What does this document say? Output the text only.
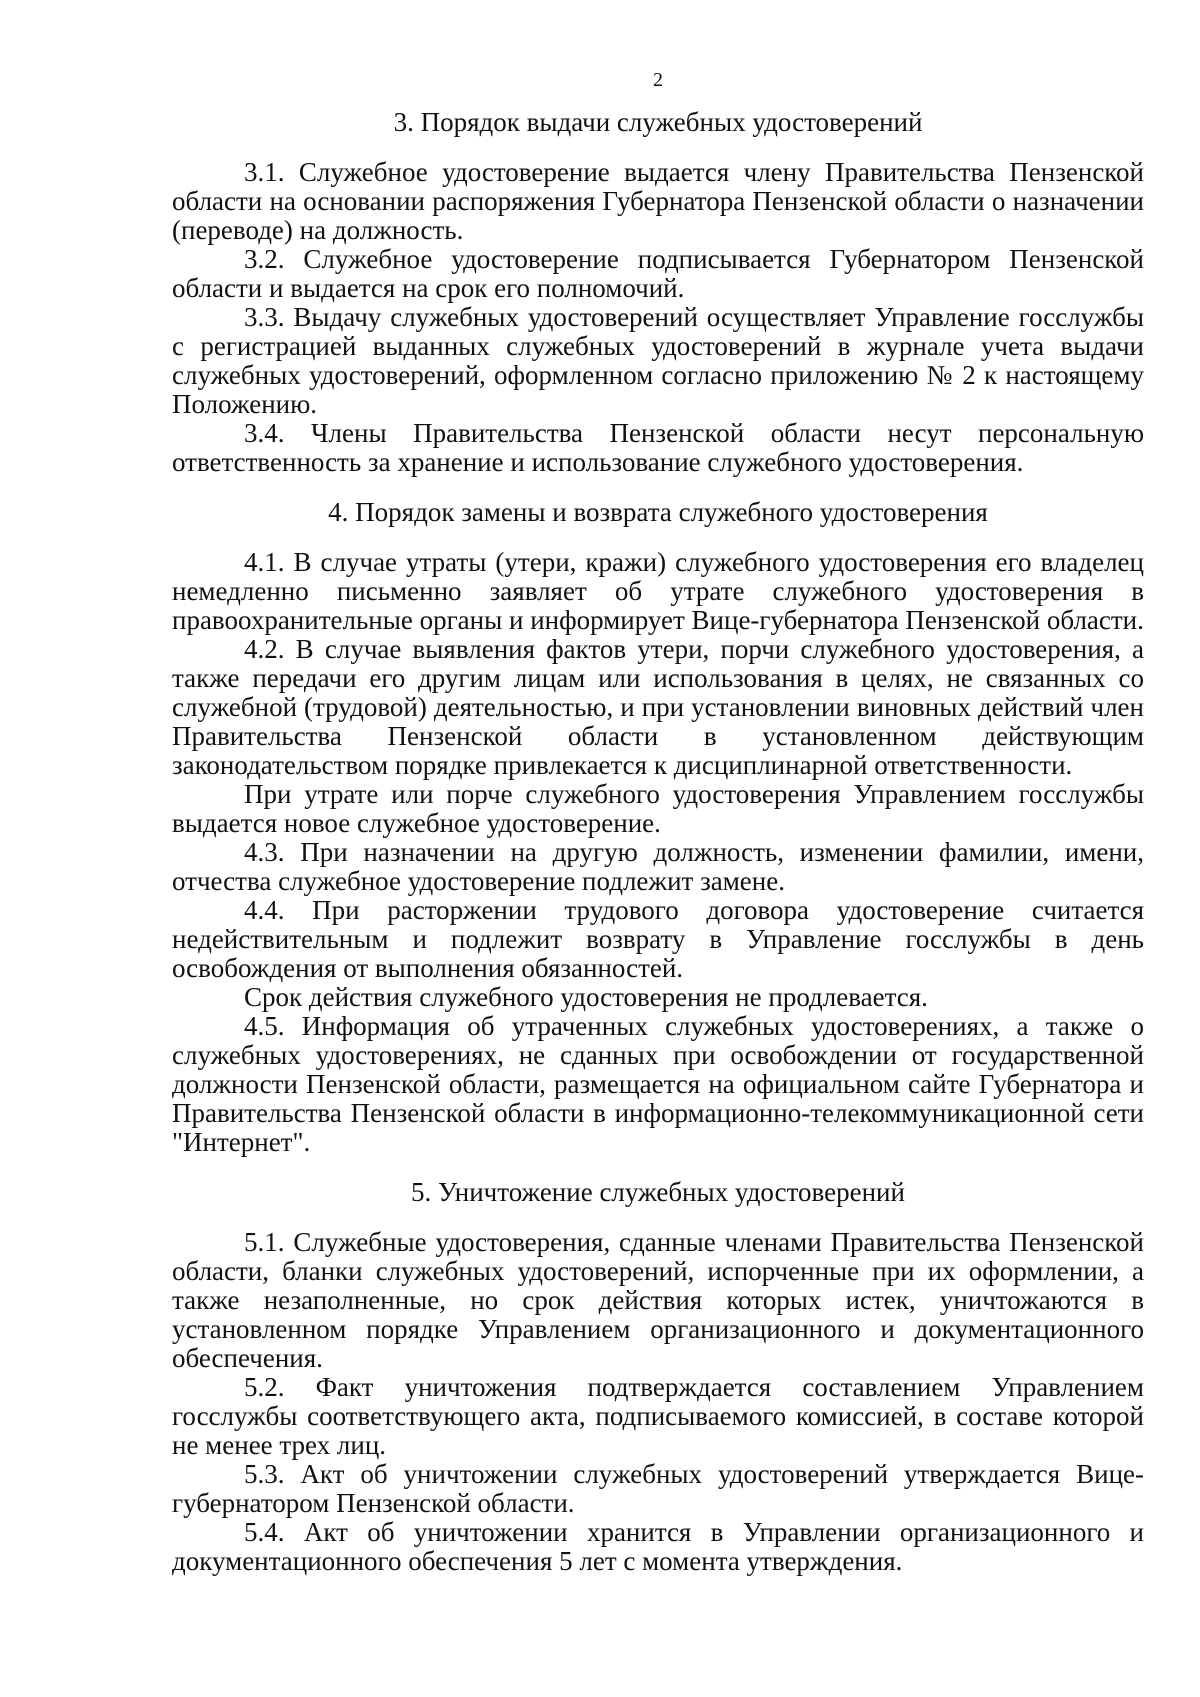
2
3. Порядок выдачи служебных удостоверений

3.1. Служебное удостоверение выдается члену Правительства Пензенской области на основании распоряжения Губернатора Пензенской области о назначении (переводе) на должность.

3.2. Служебное удостоверение подписывается Губернатором Пензенской области и выдается на срок его полномочий.

3.3. Выдачу служебных удостоверений осуществляет Управление госслужбы с регистрацией выданных служебных удостоверений в журнале учета выдачи служебных удостоверений, оформленном согласно приложению № 2 к настоящему Положению.

3.4. Члены Правительства Пензенской области несут персональную ответственность за хранение и использование служебного удостоверения.

4. Порядок замены и возврата служебного удостоверения

4.1. В случае утраты (утери, кражи) служебного удостоверения его владелец немедленно письменно заявляет об утрате служебного удостоверения в правоохранительные органы и информирует Вице-губернатора Пензенской области.

4.2. В случае выявления фактов утери, порчи служебного удостоверения, а также передачи его другим лицам или использования в целях, не связанных со служебной (трудовой) деятельностью, и при установлении виновных действий член Правительства Пензенской области в установленном действующим законодательством порядке привлекается к дисциплинарной ответственности.

При утрате или порче служебного удостоверения Управлением госслужбы выдается новое служебное удостоверение.

4.3. При назначении на другую должность, изменении фамилии, имени, отчества служебное удостоверение подлежит замене.

4.4. При расторжении трудового договора удостоверение считается недействительным и подлежит возврату в Управление госслужбы в день освобождения от выполнения обязанностей.

Срок действия служебного удостоверения не продлевается.

4.5. Информация об утраченных служебных удостоверениях, а также о служебных удостоверениях, не сданных при освобождении от государственной должности Пензенской области, размещается на официальном сайте Губернатора и Правительства Пензенской области в информационно-телекоммуникационной сети "Интернет".

5. Уничтожение служебных удостоверений

5.1. Служебные удостоверения, сданные членами Правительства Пензенской области, бланки служебных удостоверений, испорченные при их оформлении, а также незаполненные, но срок действия которых истек, уничтожаются в установленном порядке Управлением организационного и документационного обеспечения.

5.2. Факт уничтожения подтверждается составлением Управлением госслужбы соответствующего акта, подписываемого комиссией, в составе которой не менее трех лиц.

5.3. Акт об уничтожении служебных удостоверений утверждается Вице-губернатором Пензенской области.

5.4. Акт об уничтожении хранится в Управлении организационного и документационного обеспечения 5 лет с момента утверждения.
